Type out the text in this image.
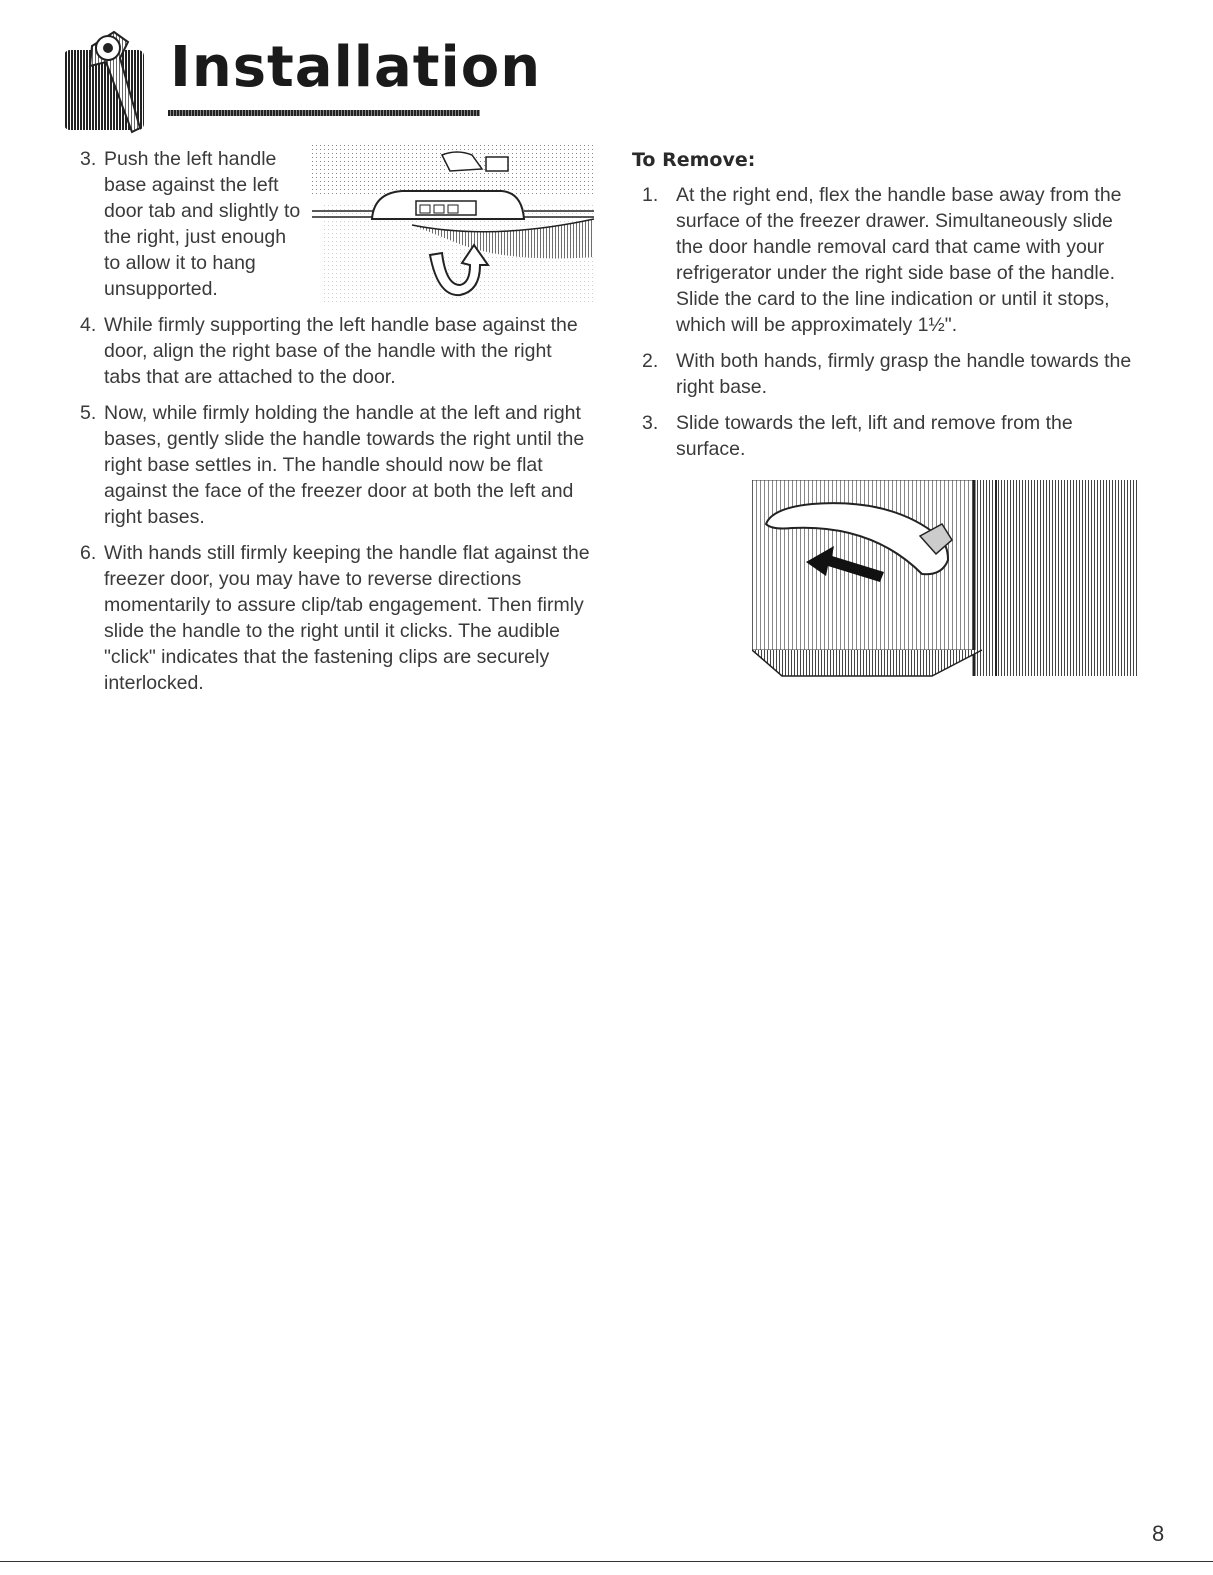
Installation
3. Push the left handle base against the left door tab and slightly to the right, just enough to allow it to hang unsupported.
4. While firmly supporting the left handle base against the door, align the right base of the handle with the right tabs that are attached to the door.
5. Now, while firmly holding the handle at the left and right bases, gently slide the handle towards the right until the right base settles in. The handle should now be flat against the face of the freezer door at both the left and right bases.
6. With hands still firmly keeping the handle flat against the freezer door, you may have to reverse directions momentarily to assure clip/tab engagement. Then firmly slide the handle to the right until it clicks. The audible "click" indicates that the fastening clips are securely interlocked.
To Remove:
1. At the right end, flex the handle base away from the surface of the freezer drawer. Simultaneously slide the door handle removal card that came with your refrigerator under the right side base of the handle. Slide the card to the line indication or until it stops, which will be approximately 1½".
2. With both hands, firmly grasp the handle towards the right base.
3. Slide towards the left, lift and remove from the surface.
8
